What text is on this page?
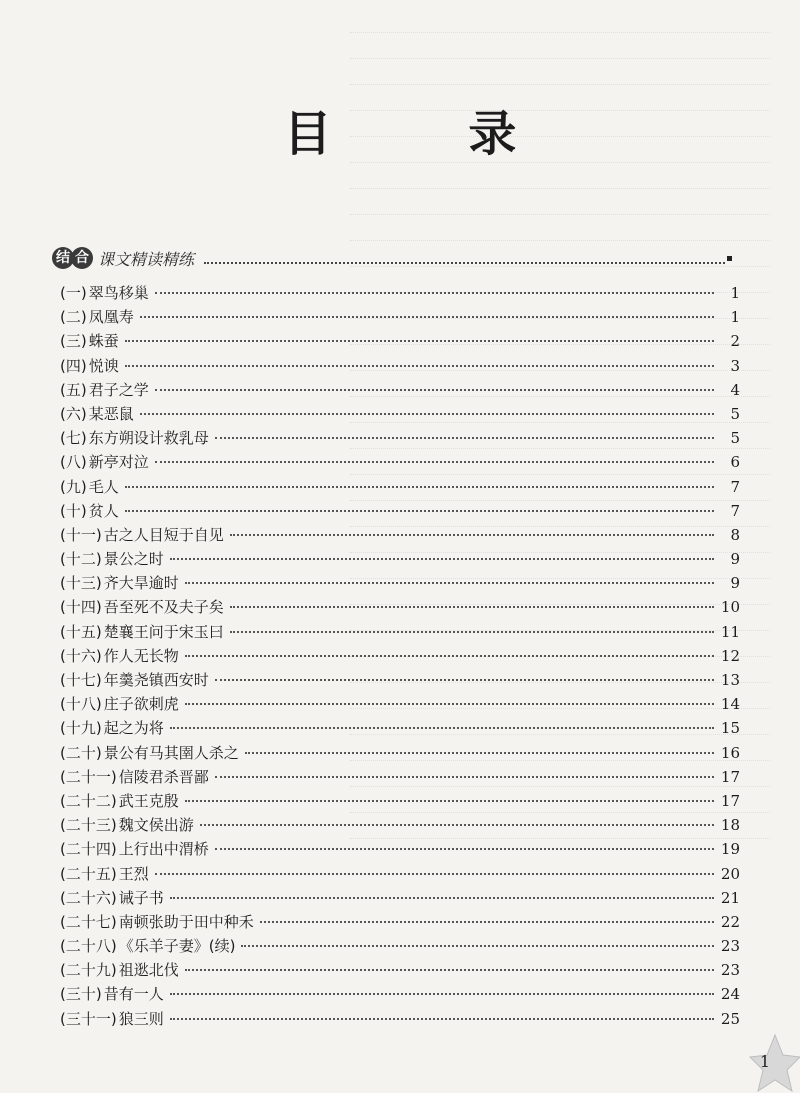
目 录
结 合 课文精读精练
(一) 翠鸟移巢	1
(二) 凤凰寿	1
(三) 蛛蚕	2
(四) 悦谀	3
(五) 君子之学	4
(六) 某恶鼠	5
(七) 东方朔设计救乳母	5
(八) 新亭对泣	6
(九) 毛人	7
(十) 贫人	7
(十一) 古之人目短于自见	8
(十二) 景公之时	9
(十三) 齐大旱逾时	9
(十四) 吾至死不及夫子矣	10
(十五) 楚襄王问于宋玉曰	11
(十六) 作人无长物	12
(十七) 年羹尧镇西安时	13
(十八) 庄子欲刺虎	14
(十九) 起之为将	15
(二十) 景公有马其圉人杀之	16
(二十一) 信陵君杀晋鄙	17
(二十二) 武王克殷	17
(二十三) 魏文侯出游	18
(二十四) 上行出中渭桥	19
(二十五) 王烈	20
(二十六) 诫子书	21
(二十七) 南顿张助于田中种禾	22
(二十八) 《乐羊子妻》(续)	23
(二十九) 祖逖北伐	23
(三十) 昔有一人	24
(三十一) 狼三则	25
1
